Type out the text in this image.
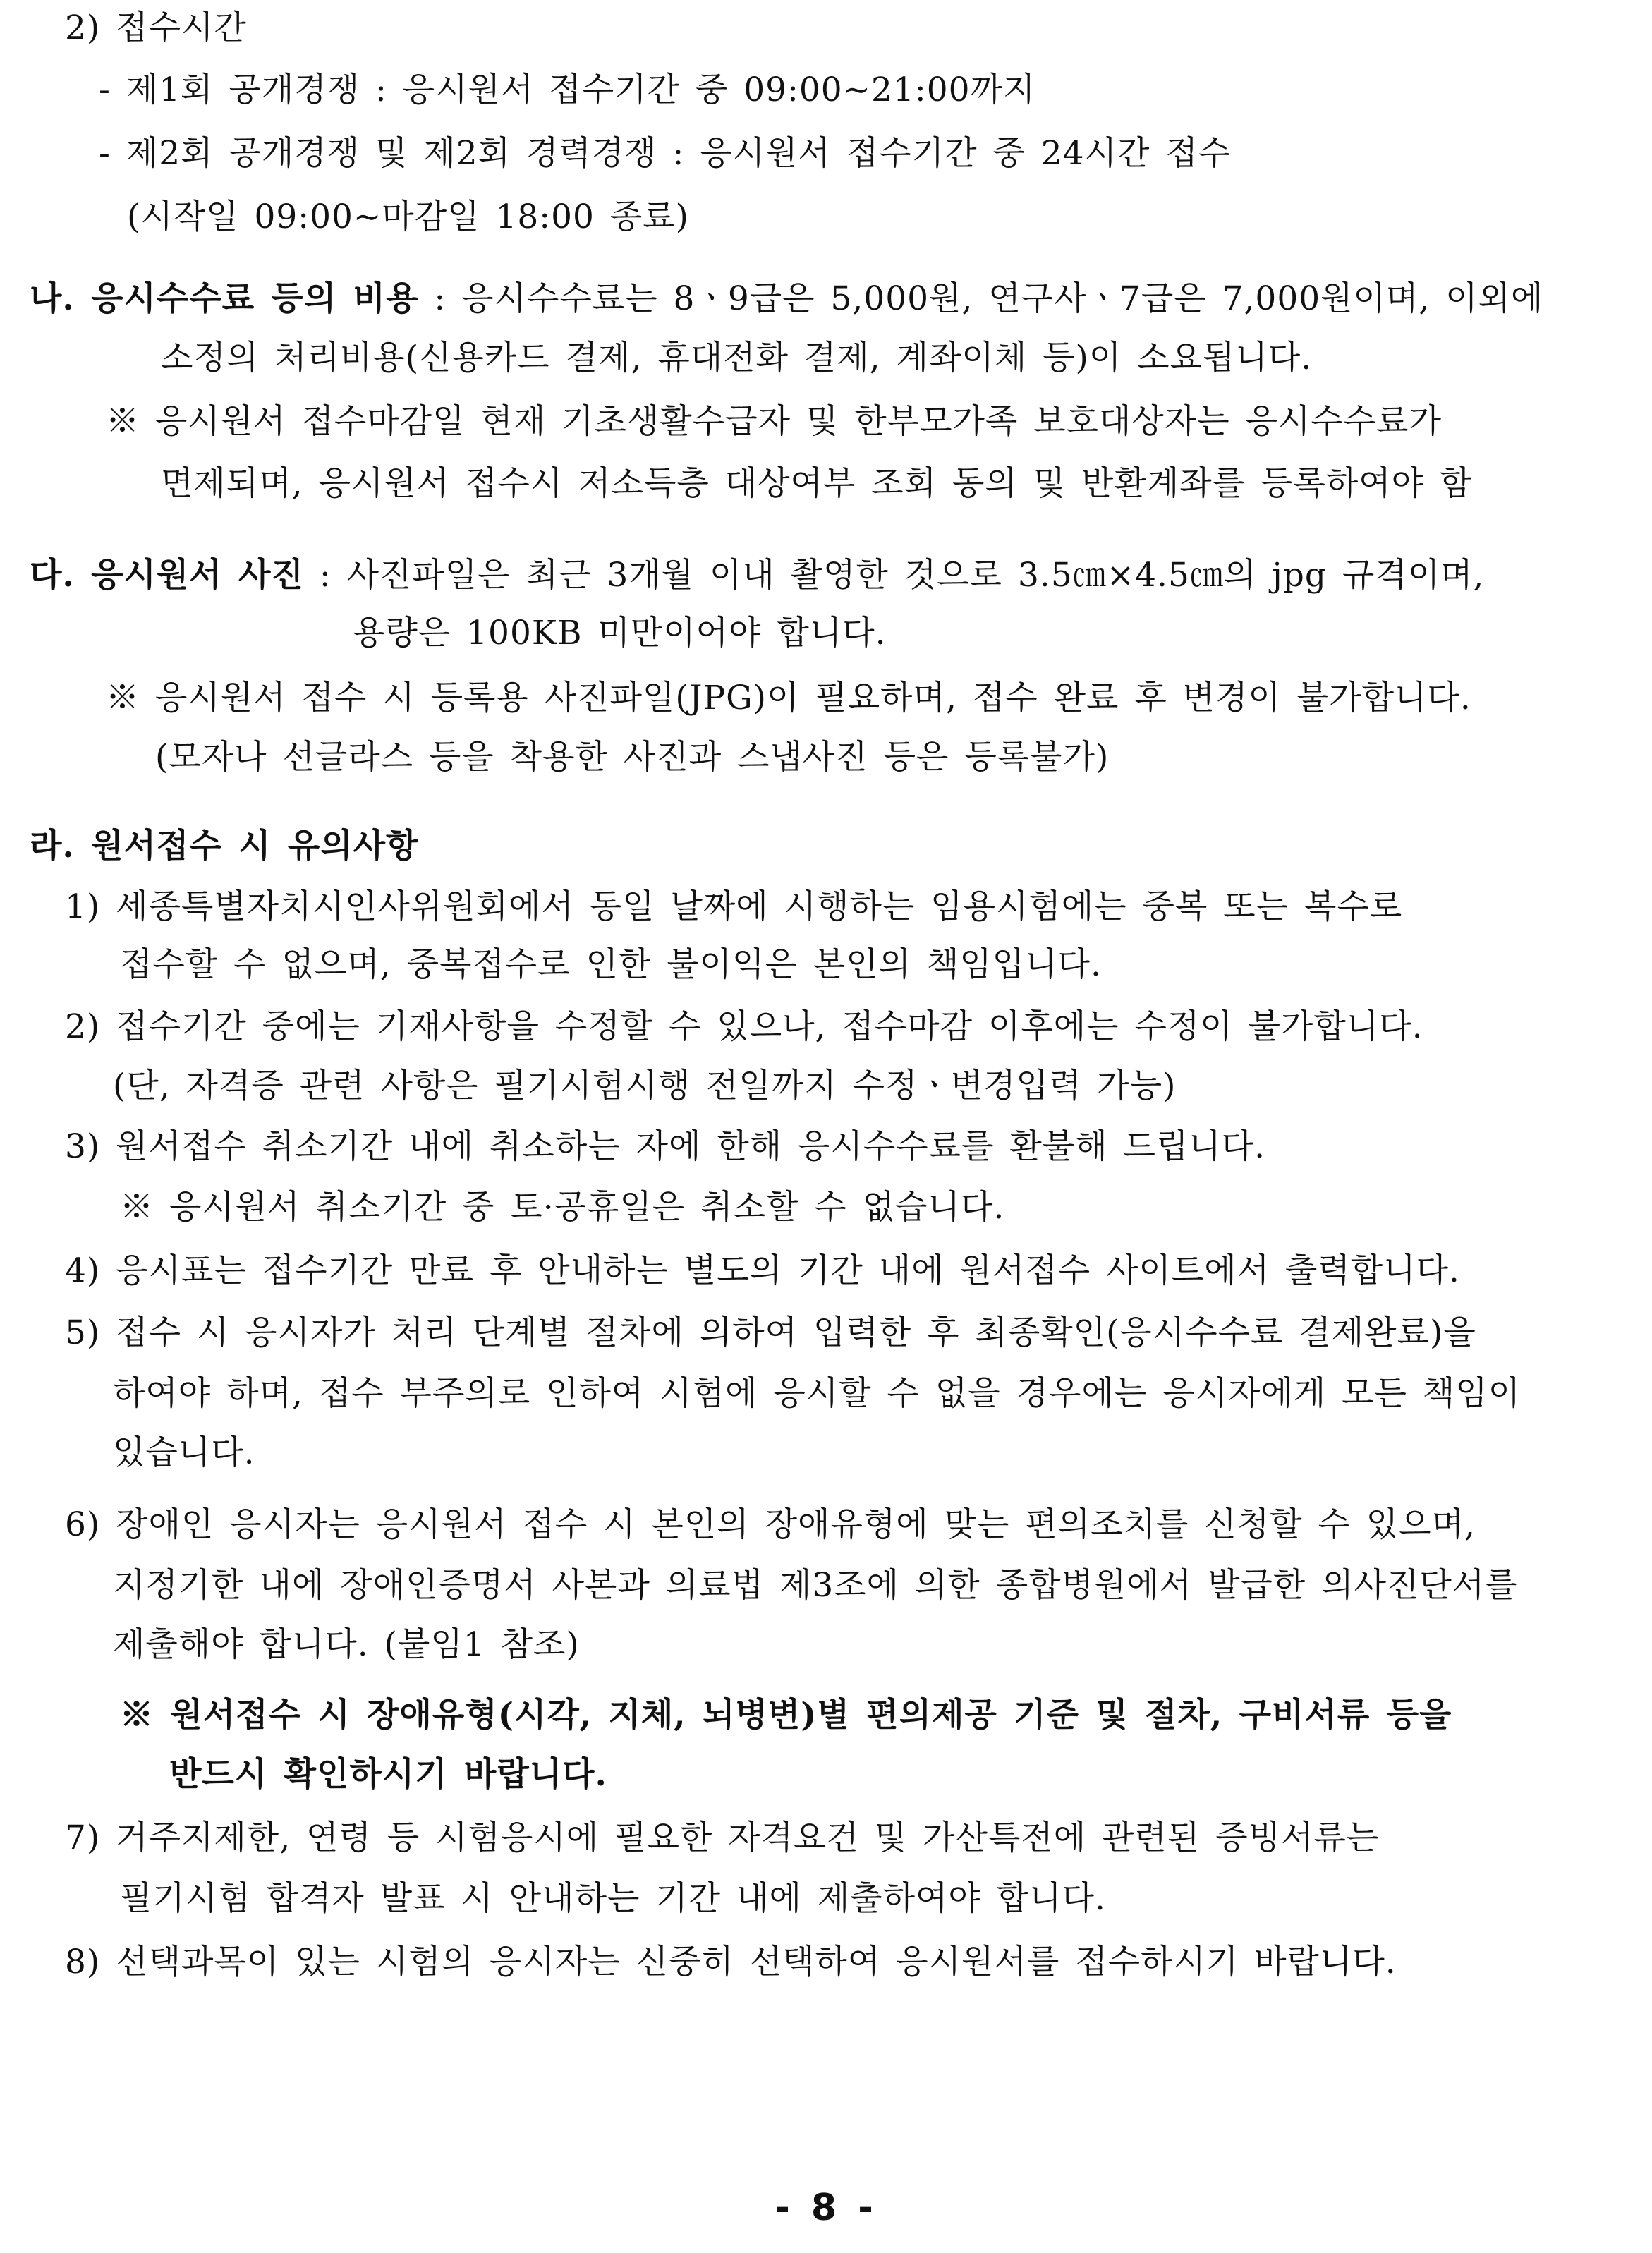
2) 접수시간
- 제1회 공개경쟁 : 응시원서 접수기간 중 09:00∼21:00까지
- 제2회 공개경쟁 및 제2회 경력경쟁 : 응시원서 접수기간 중 24시간 접수
(시작일 09:00∼마감일 18:00 종료)
나. 응시수수료 등의 비용 : 응시수수료는 8ㆍ9급은 5,000원, 연구사ㆍ7급은 7,000원이며, 이외에
소정의 처리비용(신용카드 결제, 휴대전화 결제, 계좌이체 등)이 소요됩니다.
※ 응시원서 접수마감일 현재 기초생활수급자 및 한부모가족 보호대상자는 응시수수료가
면제되며, 응시원서 접수시 저소득층 대상여부 조회 동의 및 반환계좌를 등록하여야 함
다. 응시원서 사진 : 사진파일은 최근 3개월 이내 촬영한 것으로 3.5㎝×4.5㎝의 jpg 규격이며,
용량은 100KB 미만이어야 합니다.
※ 응시원서 접수 시 등록용 사진파일(JPG)이 필요하며, 접수 완료 후 변경이 불가합니다.
(모자나 선글라스 등을 착용한 사진과 스냅사진 등은 등록불가)
라. 원서접수 시 유의사항
1) 세종특별자치시인사위원회에서 동일 날짜에 시행하는 임용시험에는 중복 또는 복수로
접수할 수 없으며, 중복접수로 인한 불이익은 본인의 책임입니다.
2) 접수기간 중에는 기재사항을 수정할 수 있으나, 접수마감 이후에는 수정이 불가합니다.
(단, 자격증 관련 사항은 필기시험시행 전일까지 수정ㆍ변경입력 가능)
3) 원서접수 취소기간 내에 취소하는 자에 한해 응시수수료를 환불해 드립니다.
※ 응시원서 취소기간 중 토·공휴일은 취소할 수 없습니다.
4) 응시표는 접수기간 만료 후 안내하는 별도의 기간 내에 원서접수 사이트에서 출력합니다.
5) 접수 시 응시자가 처리 단계별 절차에 의하여 입력한 후 최종확인(응시수수료 결제완료)을
하여야 하며, 접수 부주의로 인하여 시험에 응시할 수 없을 경우에는 응시자에게 모든 책임이
있습니다.
6) 장애인 응시자는 응시원서 접수 시 본인의 장애유형에 맞는 편의조치를 신청할 수 있으며,
지정기한 내에 장애인증명서 사본과 의료법 제3조에 의한 종합병원에서 발급한 의사진단서를
제출해야 합니다. (붙임1 참조)
※ 원서접수 시 장애유형(시각, 지체, 뇌병변)별 편의제공 기준 및 절차, 구비서류 등을
반드시 확인하시기 바랍니다.
7) 거주지제한, 연령 등 시험응시에 필요한 자격요건 및 가산특전에 관련된 증빙서류는
필기시험 합격자 발표 시 안내하는 기간 내에 제출하여야 합니다.
8) 선택과목이 있는 시험의 응시자는 신중히 선택하여 응시원서를 접수하시기 바랍니다.
- 8 -
